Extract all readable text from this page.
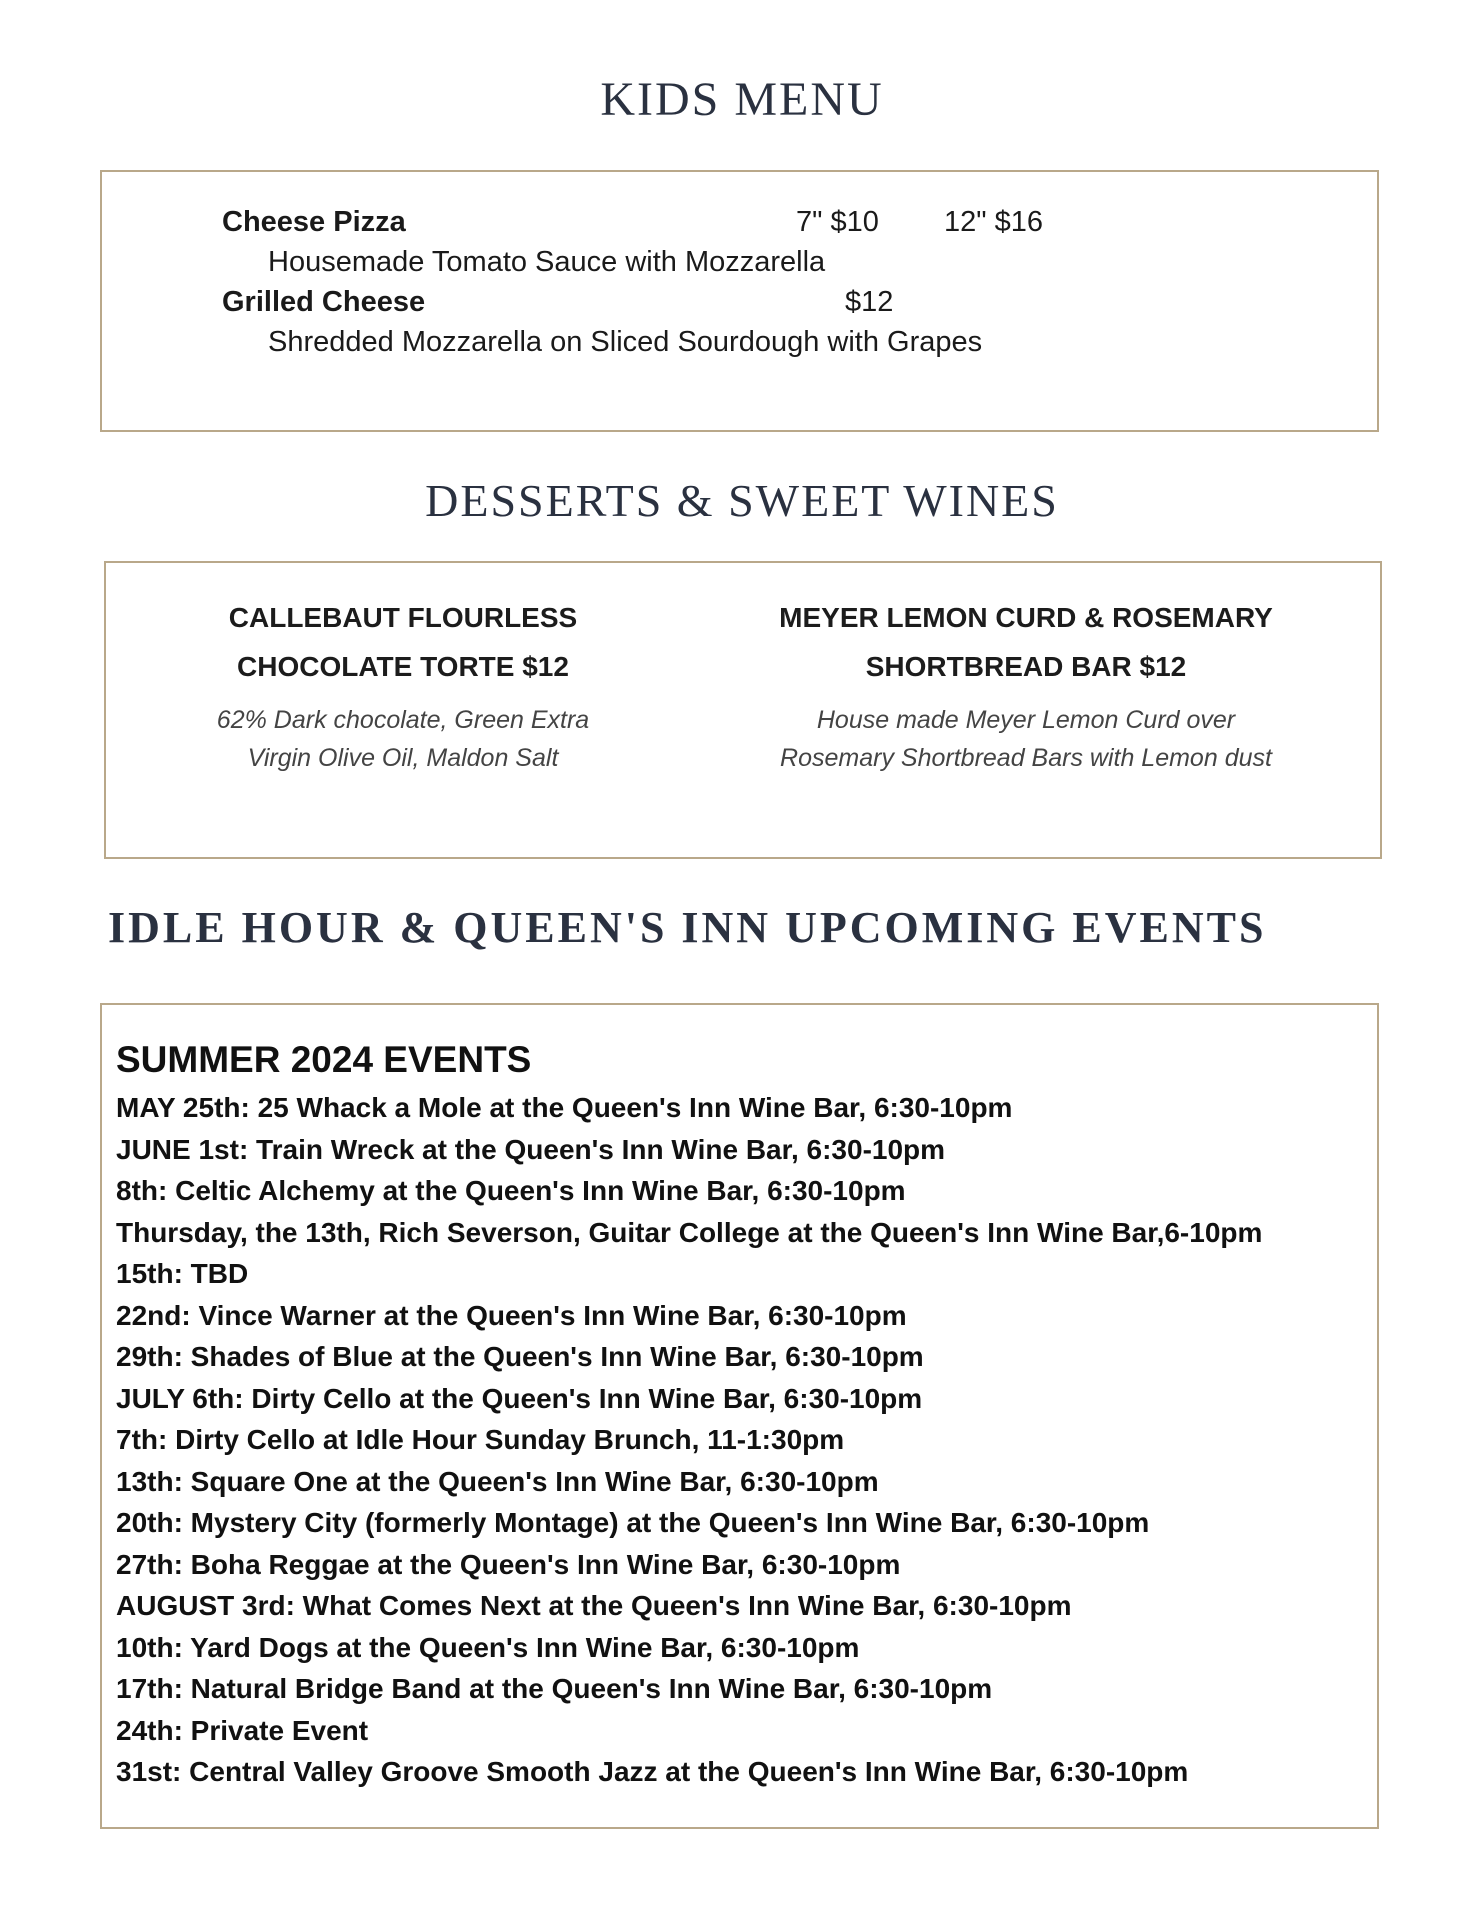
KIDS MENU
Cheese Pizza	7" $10 12" $16
Housemade Tomato Sauce with Mozzarella
Grilled Cheese	$12
Shredded Mozzarella on Sliced Sourdough with Grapes
DESSERTS & SWEET WINES
CALLEBAUT FLOURLESS
CHOCOLATE TORTE $12
62% Dark chocolate, Green Extra
Virgin Olive Oil, Maldon Salt
MEYER LEMON CURD & ROSEMARY
SHORTBREAD BAR $12
House made Meyer Lemon Curd over
Rosemary Shortbread Bars with Lemon dust
IDLE HOUR & QUEEN'S INN UPCOMING EVENTS
SUMMER 2024 EVENTS
MAY 25th: 25 Whack a Mole at the Queen's Inn Wine Bar, 6:30-10pm
JUNE 1st: Train Wreck at the Queen's Inn Wine Bar, 6:30-10pm
8th: Celtic Alchemy at the Queen's Inn Wine Bar, 6:30-10pm
Thursday, the 13th, Rich Severson, Guitar College at the Queen's Inn Wine Bar,6-10pm
15th: TBD
22nd: Vince Warner at the Queen's Inn Wine Bar, 6:30-10pm
29th: Shades of Blue at the Queen's Inn Wine Bar, 6:30-10pm
JULY 6th: Dirty Cello at the Queen's Inn Wine Bar, 6:30-10pm
7th: Dirty Cello at Idle Hour Sunday Brunch, 11-1:30pm
13th: Square One at the Queen's Inn Wine Bar, 6:30-10pm
20th: Mystery City (formerly Montage) at the Queen's Inn Wine Bar, 6:30-10pm
27th: Boha Reggae at the Queen's Inn Wine Bar, 6:30-10pm
AUGUST 3rd: What Comes Next at the Queen's Inn Wine Bar, 6:30-10pm
10th: Yard Dogs at the Queen's Inn Wine Bar, 6:30-10pm
17th: Natural Bridge Band at the Queen's Inn Wine Bar, 6:30-10pm
24th: Private Event
31st: Central Valley Groove Smooth Jazz at the Queen's Inn Wine Bar, 6:30-10pm
